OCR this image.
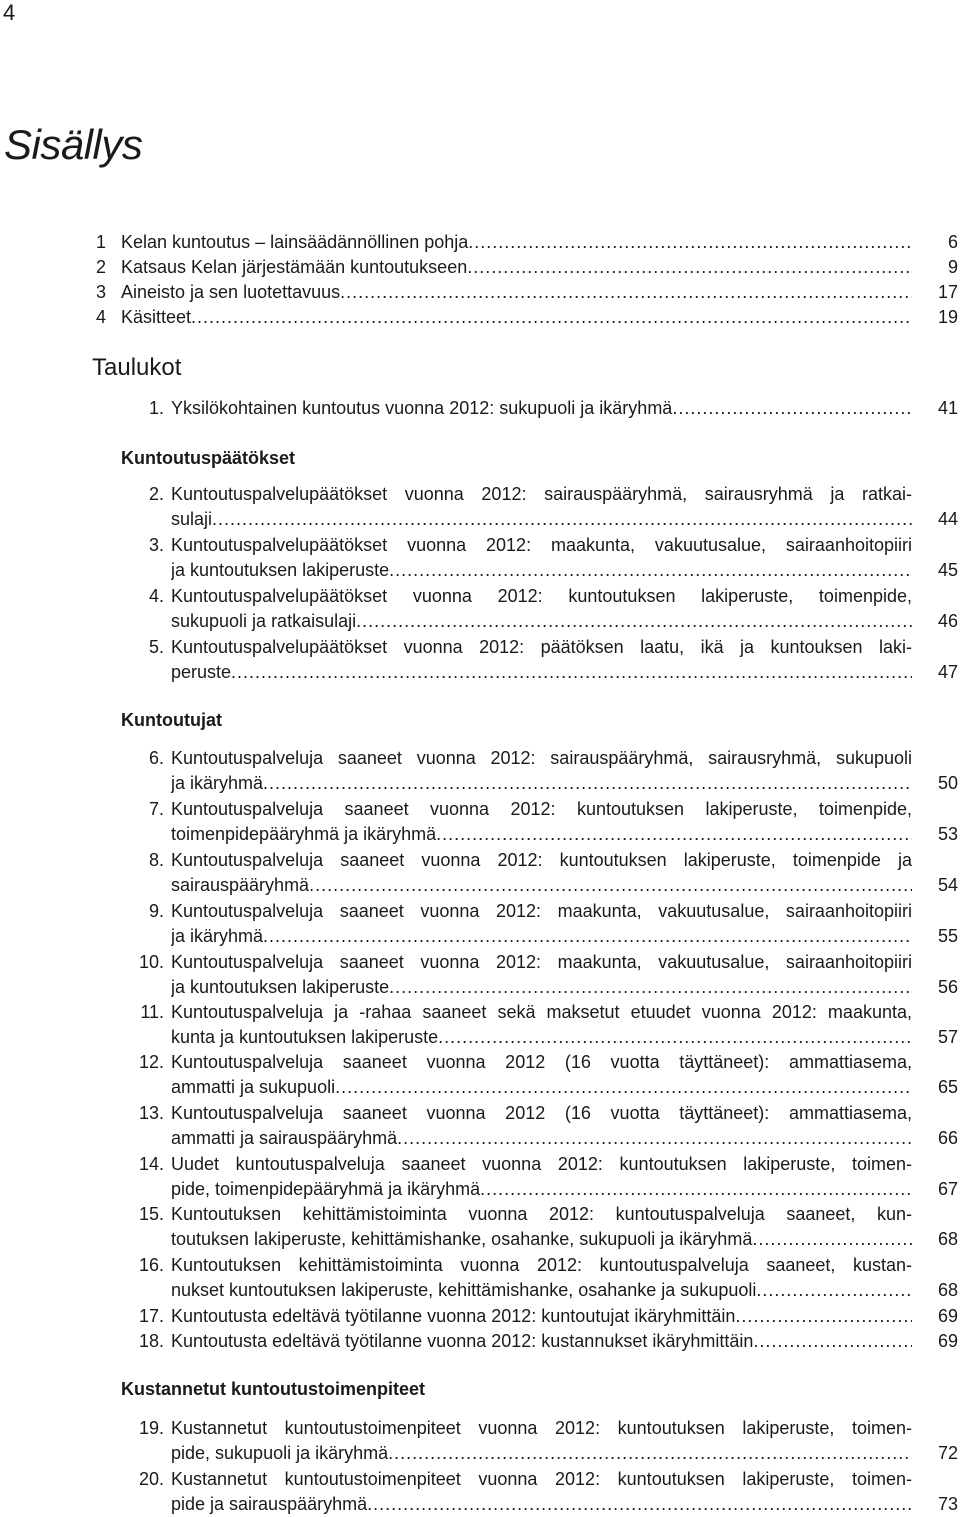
4
Sisällys
1 Kelan kuntoutus – lainsäädännöllinen pohja .....	6
2 Katsaus Kelan järjestämään kuntoutukseen .....	9
3 Aineisto ja sen luotettavuus .....	17
4 Käsitteet .....	19
Taulukot
1. Yksilökohtainen kuntoutus vuonna 2012: sukupuoli ja ikäryhmä .....	41
Kuntoutuspäätökset
2. Kuntoutuspalvelupäätökset vuonna 2012: sairauspääryhmä, sairausryhmä ja ratkai-
sulaji .....	44
3. Kuntoutuspalvelupäätökset vuonna 2012: maakunta, vakuutusalue, sairaanhoitopiiri
ja kuntoutuksen lakiperuste .....	45
4. Kuntoutuspalvelupäätökset vuonna 2012: kuntoutuksen lakiperuste, toimenpide,
sukupuoli ja ratkaisulaji .....	46
5. Kuntoutuspalvelupäätökset vuonna 2012: päätöksen laatu, ikä ja kuntouksen laki-
peruste .....	47
Kuntoutujat
6. Kuntoutuspalveluja saaneet vuonna 2012: sairauspääryhmä, sairausryhmä, sukupuoli
ja ikäryhmä .....	50
7. Kuntoutuspalveluja saaneet vuonna 2012: kuntoutuksen lakiperuste, toimenpide,
toimenpidepääryhmä ja ikäryhmä .....	53
8. Kuntoutuspalveluja saaneet vuonna 2012: kuntoutuksen lakiperuste, toimenpide ja
sairauspääryhmä .....	54
9. Kuntoutuspalveluja saaneet vuonna 2012: maakunta, vakuutusalue, sairaanhoitopiiri
ja ikäryhmä .....	55
10. Kuntoutuspalveluja saaneet vuonna 2012: maakunta, vakuutusalue, sairaanhoitopiiri
ja kuntoutuksen lakiperuste .....	56
11. Kuntoutuspalveluja ja -rahaa saaneet sekä maksetut etuudet vuonna 2012: maakunta,
kunta ja kuntoutuksen lakiperuste .....	57
12. Kuntoutuspalveluja saaneet vuonna 2012 (16 vuotta täyttäneet): ammattiasema,
ammatti ja sukupuoli .....	65
13. Kuntoutuspalveluja saaneet vuonna 2012 (16 vuotta täyttäneet): ammattiasema,
ammatti ja sairauspääryhmä .....	66
14. Uudet kuntoutuspalveluja saaneet vuonna 2012: kuntoutuksen lakiperuste, toimen-
pide, toimenpidepääryhmä ja ikäryhmä .....	67
15. Kuntoutuksen kehittämistoiminta vuonna 2012: kuntoutuspalveluja saaneet, kun-
toutuksen lakiperuste, kehittämishanke, osahanke, sukupuoli ja ikäryhmä .....	68
16. Kuntoutuksen kehittämistoiminta vuonna 2012: kuntoutuspalveluja saaneet, kustan-
nukset kuntoutuksen lakiperuste, kehittämishanke, osahanke ja sukupuoli .....	68
17. Kuntoutusta edeltävä työtilanne vuonna 2012: kuntoutujat ikäryhmittäin .....	69
18. Kuntoutusta edeltävä työtilanne vuonna 2012: kustannukset ikäryhmittäin .....	69
Kustannetut kuntoutustoimenpiteet
19. Kustannetut kuntoutustoimenpiteet vuonna 2012: kuntoutuksen lakiperuste, toimen-
pide, sukupuoli ja ikäryhmä .....	72
20. Kustannetut kuntoutustoimenpiteet vuonna 2012: kuntoutuksen lakiperuste, toimen-
pide ja sairauspääryhmä .....	73
